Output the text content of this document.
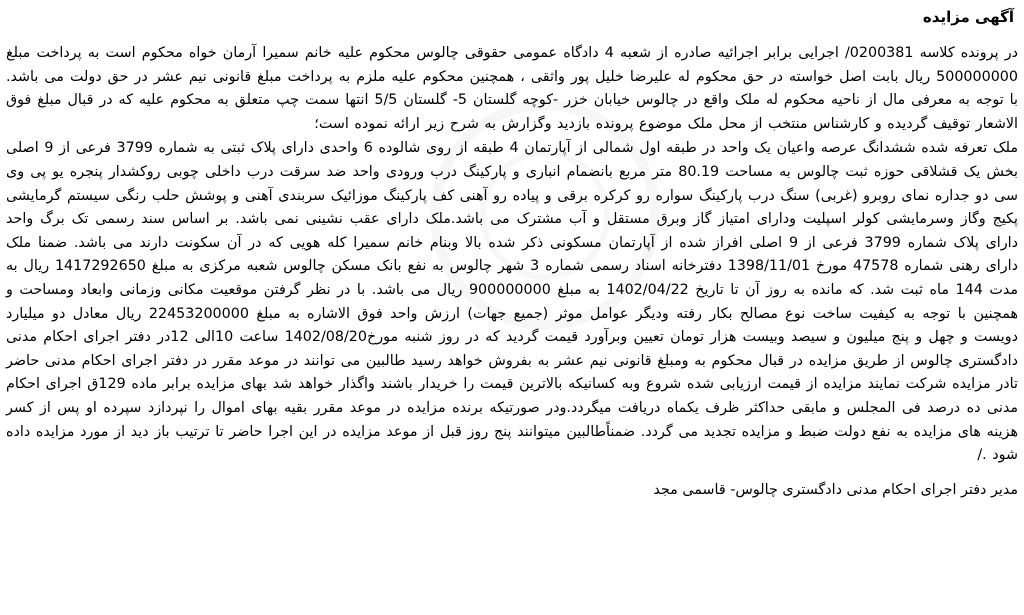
آگهی مزایده

در پرونده کلاسه 0200381/ اجرایی برابر اجرائیه صادره از شعبه 4 دادگاه عمومی حقوقی چالوس محکوم علیه خانم سمیرا آرمان خواه محکوم است به پرداخت مبلغ 500000000 ریال بابت اصل خواسته در حق محکوم له علیرضا خلیل پور واثقی ، همچنین محکوم علیه ملزم به پرداخت مبلغ قانونی نیم عشر در حق دولت می باشد. با توجه به معرفی مال از ناحیه محکوم له ملک واقع در چالوس خیابان خزر -کوچه گلستان 5- گلستان 5/5 انتها سمت چپ متعلق به محکوم علیه که در قبال مبلغ فوق الاشعار توقیف گردیده و کارشناس منتخب از محل ملک موضوع پرونده بازدید وگزارش به شرح زیر ارائه نموده است؛

ملک تعرفه شده ششدانگ عرصه واعیان یک واحد در طبقه اول شمالی از آپارتمان 4 طبقه از روی شالوده 6 واحدی دارای پلاک ثبتی به شماره 3799 فرعی از 9 اصلی بخش یک قشلاقی حوزه ثبت چالوس به مساحت 80.19 متر مربع بانضمام انباری و پارکینگ درب ورودی واحد ضد سرقت درب داخلی چوبی روکشدار پنجره یو پی وی سی دو جداره نمای روبرو (غربی) سنگ درب پارکینگ سواره رو کرکره برقی و پیاده رو آهنی کف پارکینگ موزائیک سربندی آهنی و پوشش حلب رنگی سیستم گرمایشی پکیج وگاز وسرمایشی کولر اسپلیت ودارای امتیاز گاز وبرق مستقل و آب مشترک می باشد.ملک دارای عقب نشینی نمی باشد. بر اساس سند رسمی تک برگ واحد دارای پلاک شماره 3799 فرعی از 9 اصلی افراز شده از آپارتمان مسکونی ذکر شده بالا وبنام خانم سمیرا کله هویی که در آن سکونت دارند می باشد. ضمنا ملک دارای رهنی شماره 47578 مورخ 1398/11/01 دفترخانه اسناد رسمی شماره 3 شهر چالوس به نفع بانک مسکن چالوس شعبه مرکزی به مبلغ 1417292650 ریال به مدت 144 ماه ثبت شد. که مانده به روز آن تا تاریخ 1402/04/22 به مبلغ 900000000 ریال می باشد. با در نظر گرفتن موقعیت مکانی وزمانی وابعاد ومساحت و همچنین با توجه به کیفیت ساخت نوع مصالح بکار رفته وديگر عوامل موثر (جمیع جهات) ارزش واحد فوق الاشاره به مبلغ 22453200000 ریال معادل دو میلیارد دویست و چهل و پنج میلیون و سیصد وبیست هزار تومان تعیین وبرآورد قیمت گردید که در روز شنبه مورخ1402/08/20 ساعت 10الی 12در دفتر اجرای احکام مدنی دادگستری چالوس از طریق مزایده در قبال محکوم به ومبلغ قانونی نیم عشر به بفروش خواهد رسید طالبین می توانند در موعد مقرر در دفتر اجرای احکام مدنی حاضر تادر مزایده شرکت نمایند مزایده از قیمت ارزیابی شده شروع وبه کسانیکه بالاترین قیمت را خریدار باشند واگذار خواهد شد بهای مزایده برابر ماده 129ق اجرای احکام مدنی ده درصد فی المجلس و مابقی حداکثر ظرف یکماه دریافت میگردد.ودر صورتیکه برنده مزایده در موعد مقرر بقیه بهای اموال را نپردازد سپرده او پس از کسر هزینه های مزایده به نفع دولت ضبط و مزایده تجدید می گردد. ضمناًطالبین میتوانند پنج روز قبل از موعد مزایده در این اجرا حاضر تا ترتیب باز دید از مورد مزایده داده شود ./

مدیر دفتر اجرای احکام مدنی دادگستری چالوس- قاسمی مجد
